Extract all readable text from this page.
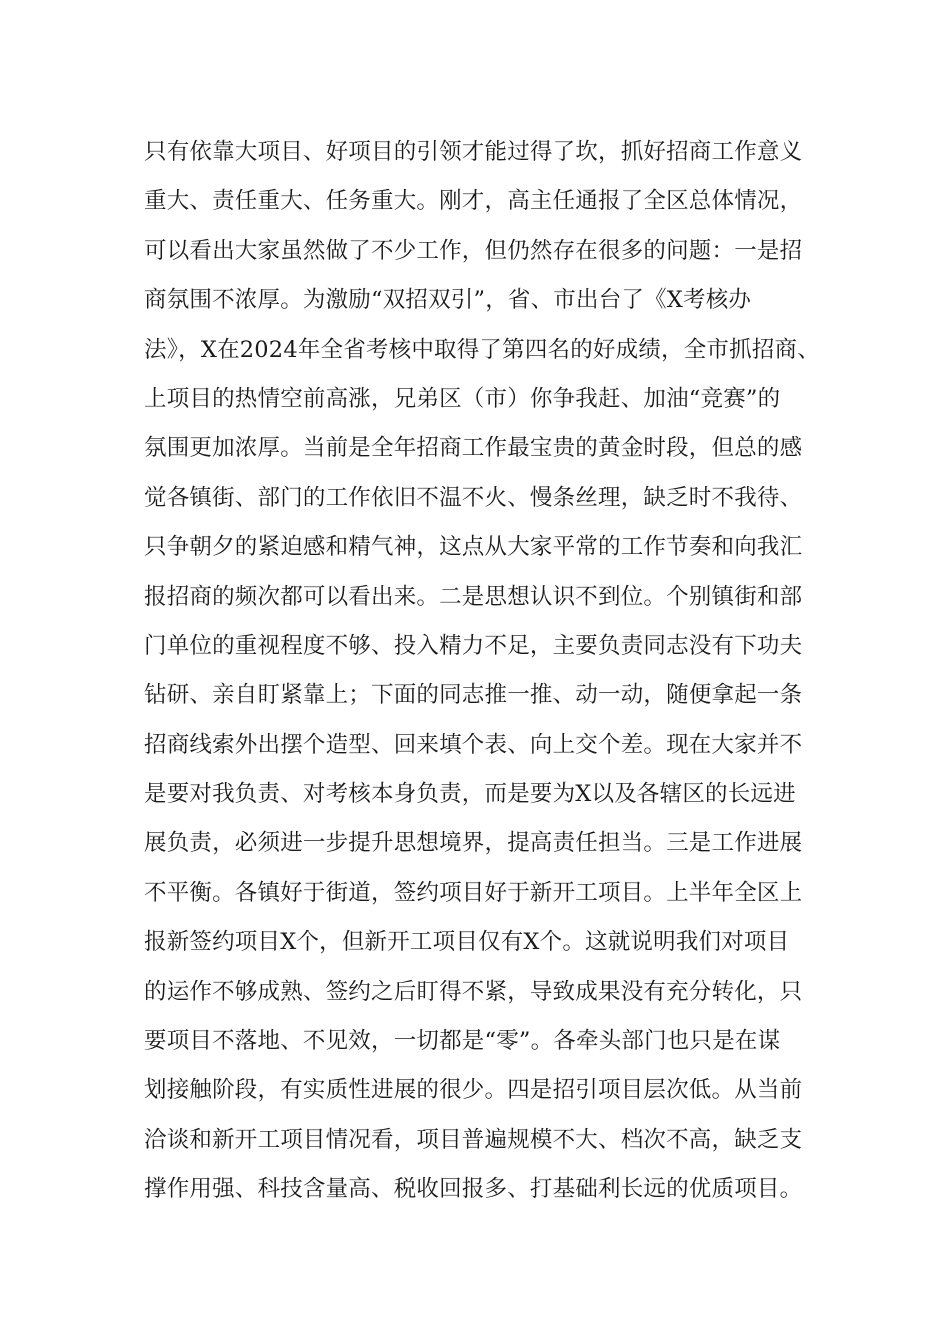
只有依靠大项目、好项目的引领才能过得了坎，抓好招商工作意义
重大、责任重大、任务重大。刚才，高主任通报了全区总体情况，
可以看出大家虽然做了不少工作，但仍然存在很多的问题：一是招
商氛围不浓厚。为激励“双招双引”，省、市出台了《X考核办
法》，X在2024年全省考核中取得了第四名的好成绩，全市抓招商、
上项目的热情空前高涨，兄弟区（市）你争我赶、加油“竞赛”的
氛围更加浓厚。当前是全年招商工作最宝贵的黄金时段，但总的感
觉各镇街、部门的工作依旧不温不火、慢条丝理，缺乏时不我待、
只争朝夕的紧迫感和精气神，这点从大家平常的工作节奏和向我汇
报招商的频次都可以看出来。二是思想认识不到位。个别镇街和部
门单位的重视程度不够、投入精力不足，主要负责同志没有下功夫
钻研、亲自盯紧靠上；下面的同志推一推、动一动，随便拿起一条
招商线索外出摆个造型、回来填个表、向上交个差。现在大家并不
是要对我负责、对考核本身负责，而是要为X以及各辖区的长远进
展负责，必须进一步提升思想境界，提高责任担当。三是工作进展
不平衡。各镇好于街道，签约项目好于新开工项目。上半年全区上
报新签约项目X个，但新开工项目仅有X个。这就说明我们对项目
的运作不够成熟、签约之后盯得不紧，导致成果没有充分转化，只
要项目不落地、不见效，一切都是“零”。各牵头部门也只是在谋
划接触阶段，有实质性进展的很少。四是招引项目层次低。从当前
洽谈和新开工项目情况看，项目普遍规模不大、档次不高，缺乏支
撑作用强、科技含量高、税收回报多、打基础利长远的优质项目。
